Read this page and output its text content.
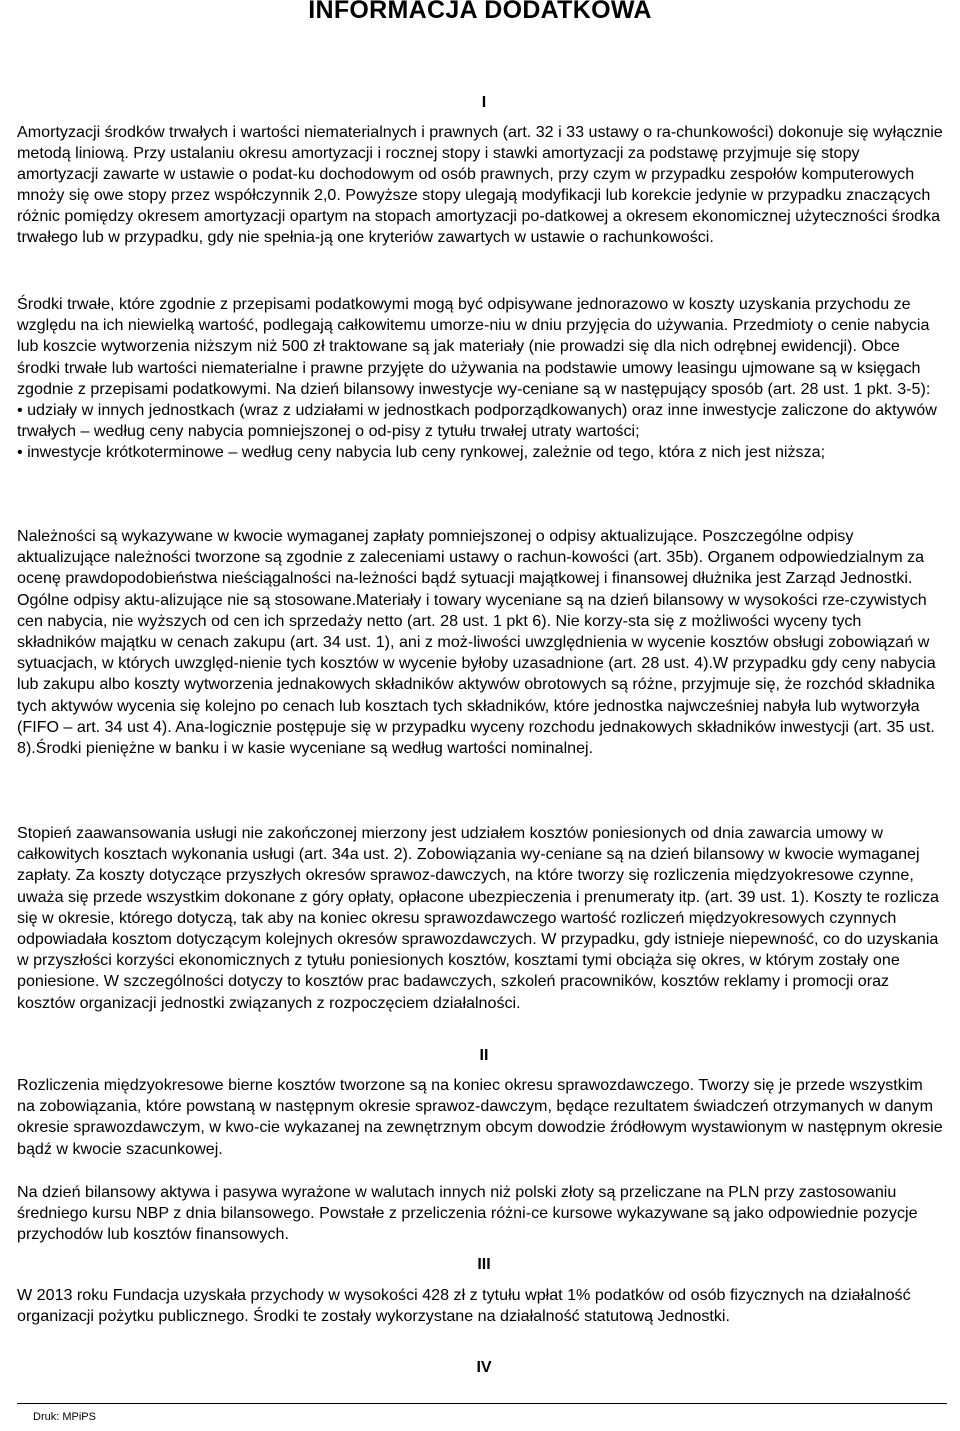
INFORMACJA DODATKOWA
I

Amortyzacji środków trwałych i wartości niematerialnych i prawnych (art. 32 i 33 ustawy o ra-chunkowości) dokonuje się wyłącznie metodą liniową. Przy ustalaniu okresu amortyzacji i rocznej stopy i stawki amortyzacji za podstawę przyjmuje się stopy amortyzacji zawarte w ustawie o podat-ku dochodowym od osób prawnych, przy czym w przypadku zespołów komputerowych mnoży się owe stopy przez współczynnik 2,0. Powyższe stopy ulegają modyfikacji lub korekcie jedynie w przypadku znaczących różnic pomiędzy okresem amortyzacji opartym na stopach amortyzacji po-datkowej a okresem ekonomicznej użyteczności środka trwałego lub w przypadku, gdy nie spełnia-ją one kryteriów zawartych w ustawie o rachunkowości.

Środki trwałe, które zgodnie z przepisami podatkowymi mogą być odpisywane jednorazowo w koszty uzyskania przychodu ze względu na ich niewielką wartość, podlegają całkowitemu umorze-niu w dniu przyjęcia do używania. Przedmioty o cenie nabycia lub koszcie wytworzenia niższym niż 500 zł traktowane są jak materiały (nie prowadzi się dla nich odrębnej ewidencji). Obce środki trwałe lub wartości niematerialne i prawne przyjęte do używania na podstawie umowy leasingu ujmowane są w księgach zgodnie z przepisami podatkowymi. Na dzień bilansowy inwestycje wy-ceniane są w następujący sposób (art. 28 ust. 1 pkt. 3-5):
• udziały w innych jednostkach (wraz z udziałami w jednostkach podporządkowanych) oraz inne inwestycje zaliczone do aktywów trwałych – według ceny nabycia pomniejszonej o od-pisy z tytułu trwałej utraty wartości;
• inwestycje krótkoterminowe – według ceny nabycia lub ceny rynkowej, zależnie od tego, która z nich jest niższa;

Należności są wykazywane w kwocie wymaganej zapłaty pomniejszonej o odpisy aktualizujące. Poszczególne odpisy aktualizujące należności tworzone są zgodnie z zaleceniami ustawy o rachun-kowości (art. 35b). Organem odpowiedzialnym za ocenę prawdopodobieństwa nieściągalności na-leżności bądź sytuacji majątkowej i finansowej dłużnika jest Zarząd Jednostki. Ogólne odpisy aktu-alizujące nie są stosowane.Materiały i towary wyceniane są na dzień bilansowy w wysokości rze-czywistych cen nabycia, nie wyższych od cen ich sprzedaży netto (art. 28 ust. 1 pkt 6). Nie korzy-sta się z możliwości wyceny tych składników majątku w cenach zakupu (art. 34 ust. 1), ani z moż-liwości uwzględnienia w wycenie kosztów obsługi zobowiązań w sytuacjach, w których uwzględ-nienie tych kosztów w wycenie byłoby uzasadnione (art. 28 ust. 4).W przypadku gdy ceny nabycia lub zakupu albo koszty wytworzenia jednakowych składników aktywów obrotowych są różne, przyjmuje się, że rozchód składnika tych aktywów wycenia się kolejno po cenach lub kosztach tych składników, które jednostka najwcześniej nabyła lub wytworzyła (FIFO – art. 34 ust 4). Ana-logicznie postępuje się w przypadku wyceny rozchodu jednakowych składników inwestycji (art. 35 ust. 8).Środki pieniężne w banku i w kasie wyceniane są według wartości nominalnej.

Stopień zaawansowania usługi nie zakończonej mierzony jest udziałem kosztów poniesionych od dnia zawarcia umowy w całkowitych kosztach wykonania usługi (art. 34a ust. 2). Zobowiązania wy-ceniane są na dzień bilansowy w kwocie wymaganej zapłaty. Za koszty dotyczące przyszłych okresów sprawoz-dawczych, na które tworzy się rozliczenia międzyokresowe czynne, uważa się przede wszystkim dokonane z góry opłaty, opłacone ubezpieczenia i prenumeraty itp. (art. 39 ust. 1). Koszty te rozlicza się w okresie, którego dotyczą, tak aby na koniec okresu sprawozdawczego wartość rozliczeń międzyokresowych czynnych odpowiadała kosztom dotyczącym kolejnych okresów sprawozdawczych. W przypadku, gdy istnieje niepewność, co do uzyskania w przyszłości korzyści ekonomicznych z tytułu poniesionych kosztów, kosztami tymi obciąża się okres, w którym zostały one poniesione. W szczególności dotyczy to kosztów prac badawczych, szkoleń pracowników, kosztów reklamy i promocji oraz kosztów organizacji jednostki związanych z rozpoczęciem działalności.

II

Rozliczenia międzyokresowe bierne kosztów tworzone są na koniec okresu sprawozdawczego. Tworzy się je przede wszystkim na zobowiązania, które powstaną w następnym okresie sprawoz-dawczym, będące rezultatem świadczeń otrzymanych w danym okresie sprawozdawczym, w kwo-cie wykazanej na zewnętrznym obcym dowodzie źródłowym wystawionym w następnym okresie bądź w kwocie szacunkowej.

Na dzień bilansowy aktywa i pasywa wyrażone w walutach innych niż polski złoty są przeliczane na PLN przy zastosowaniu średniego kursu NBP z dnia bilansowego. Powstałe z przeliczenia różni-ce kursowe wykazywane są jako odpowiednie pozycje przychodów lub kosztów finansowych.

III

W 2013 roku Fundacja uzyskała przychody w wysokości 428 zł z tytułu wpłat 1% podatków od osób fizycznych na działalność organizacji pożytku publicznego. Środki te zostały wykorzystane na działalność statutową Jednostki.

IV
Druk: MPiPS
